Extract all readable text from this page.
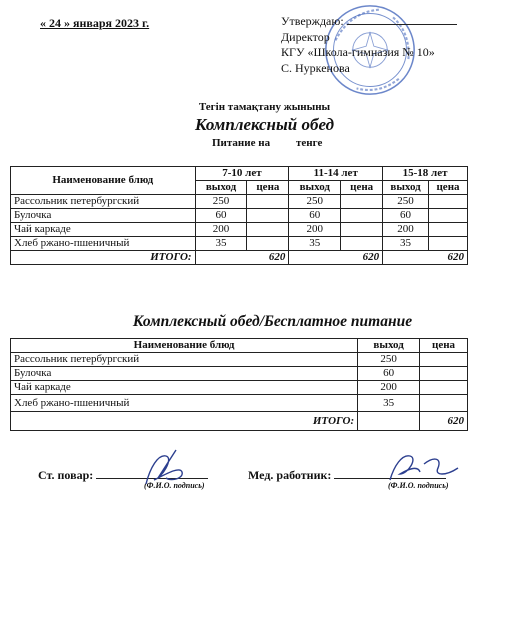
« 24 » января 2023 г.	Утверждаю:
Директор
КГУ «Школа-гимназия № 10»
С. Нуркенова
Тегін тамақтану жыныны
Комплексный обед
Питание на тенге
Наименование блюд	7-10 лет		11-14 лет		15-18 лет	
	выход	цена	выход	цена	выход	цена
Рассольник петербургский	250		250		250	
Булочка	60		60		60	
Чай каркаде	200		200		200	
Хлеб ржано-пшеничный	35		35		35	
ИТОГО:	620		620		620	
Комплексный обед/Бесплатное питание
Наименование блюд	выход	цена
Рассольник петербургский	250	
Булочка	60	
Чай каркаде	200	
Хлеб ржано-пшеничный	35	
ИТОГО:		620
Ст. повар:
(Ф.И.О. подпись)
Мед. работник:
(Ф.И.О. подпись)
